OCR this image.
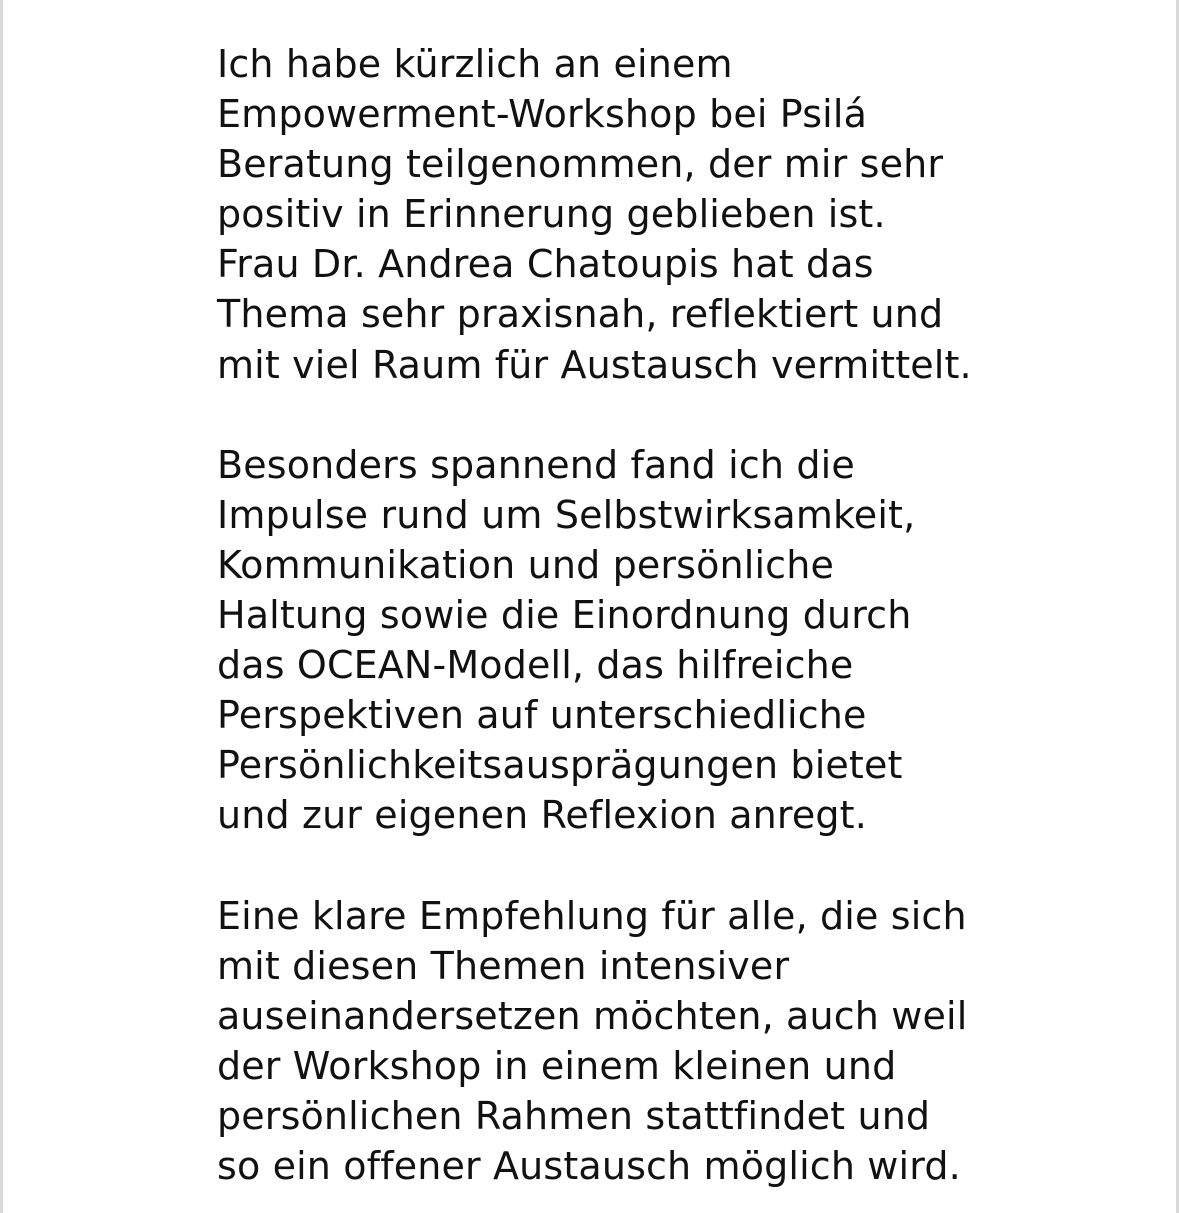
Ich habe kürzlich an einem
Empowerment-Workshop bei Psilá
Beratung teilgenommen, der mir sehr
positiv in Erinnerung geblieben ist.
Frau Dr. Andrea Chatoupis hat das
Thema sehr praxisnah, reflektiert und
mit viel Raum für Austausch vermittelt.

Besonders spannend fand ich die
Impulse rund um Selbstwirksamkeit,
Kommunikation und persönliche
Haltung sowie die Einordnung durch
das OCEAN-Modell, das hilfreiche
Perspektiven auf unterschiedliche
Persönlichkeitsausprägungen bietet
und zur eigenen Reflexion anregt.

Eine klare Empfehlung für alle, die sich
mit diesen Themen intensiver
auseinandersetzen möchten, auch weil
der Workshop in einem kleinen und
persönlichen Rahmen stattfindet und
so ein offener Austausch möglich wird.
